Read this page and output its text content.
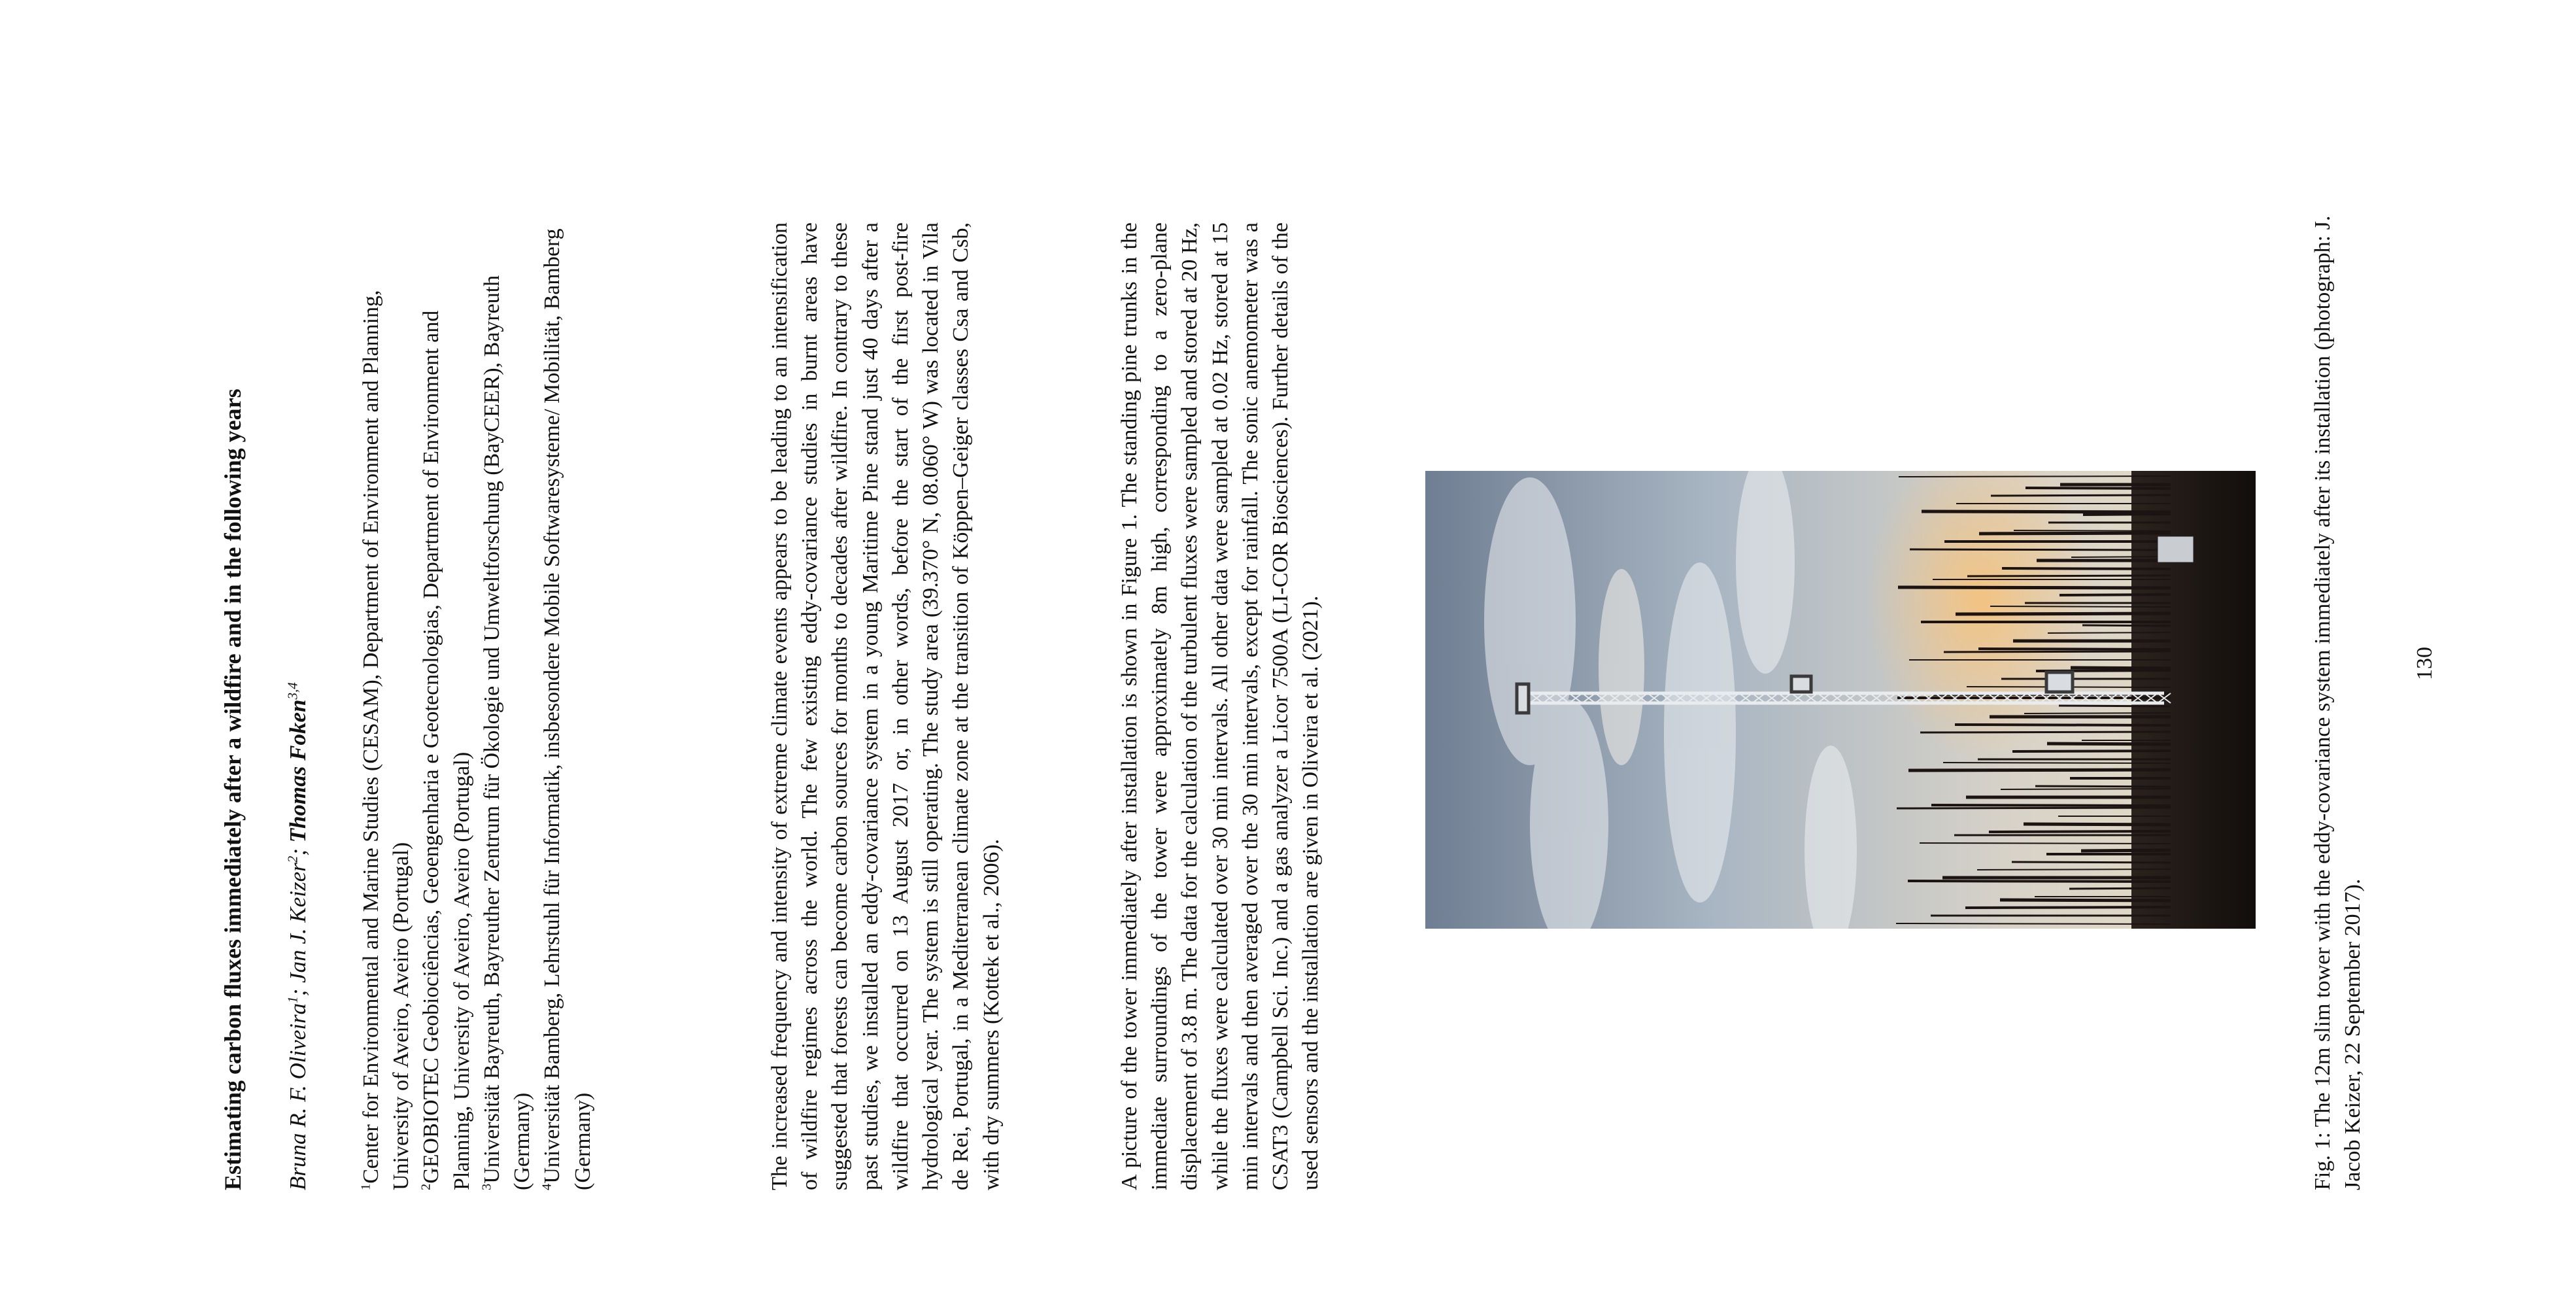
Estimating carbon fluxes immediately after a wildfire and in the following years Bruna R. F. Oliveira$^1$; Jan J. Keizer$^2$; Thomas Foken$^{3,4}$

$^1$Center for Environmental and Marine Studies (CESAM), Department of Environment and Planning, University of Aveiro, Aveiro (Portugal) $^2$GEOBIOTEC Geobiociências, Geoengenharia e Geotecnologias, Department of Environment and Planning, University of Aveiro, Aveiro (Portugal) $^3$Universität Bayreuth, Bayreuther Zentrum für Ökologie und Umweltforschung (BayCEER), Bayreuth (Germany) $^4$Universität Bamberg, Lehrstuhl für Informatik, insbesondere Mobile Softwaresysteme/ Mobilität, Bamberg (Germany)	The increased frequency and intensity of extreme climate events appears to be leading to an intensification of wildfire regimes across the world. The few existing eddy-covariance studies in burnt areas have suggested that forests can become carbon sources for months to decades after wildfire. In contrary to these past studies, we installed an eddy-covariance system in a young Maritime Pine stand just 40 days after a wildfire that occurred on 13 August 2017 or, in other words, before the start of the first post-fire hydrological year. The system is still operating. The study area (39.370° N, 08.060° W) was located in Vila de Rei, Portugal, in a Mediterranean climate zone at the transition of Köppen–Geiger classes Csa and Csb, with dry summers (Kottek et al., 2006).	A picture of the tower immediately after installation is shown in Figure 1. The standing pine trunks in the immediate surroundings of the tower were approximately 8m high, corresponding to a zero-plane displacement of 3.8 m. The data for the calculation of the turbulent fluxes were sampled and stored at 20 Hz, while the fluxes were calculated over 30 min intervals. All other data were sampled at 0.02 Hz, stored at 15 min intervals and then averaged over the 30 min intervals, except for rainfall. The sonic anemometer was a CSAT3 (Campbell Sci. Inc.) and a gas analyzer a Licor 7500A (LI-COR Biosciences). Further details of the used sensors and the installation are given in Oliveira et al. (2021).	Fig. 1: The 12m slim tower with the eddy-covariance system immediately after its installation (photograph: J. Jacob Keizer, 22 September 2017).

130
